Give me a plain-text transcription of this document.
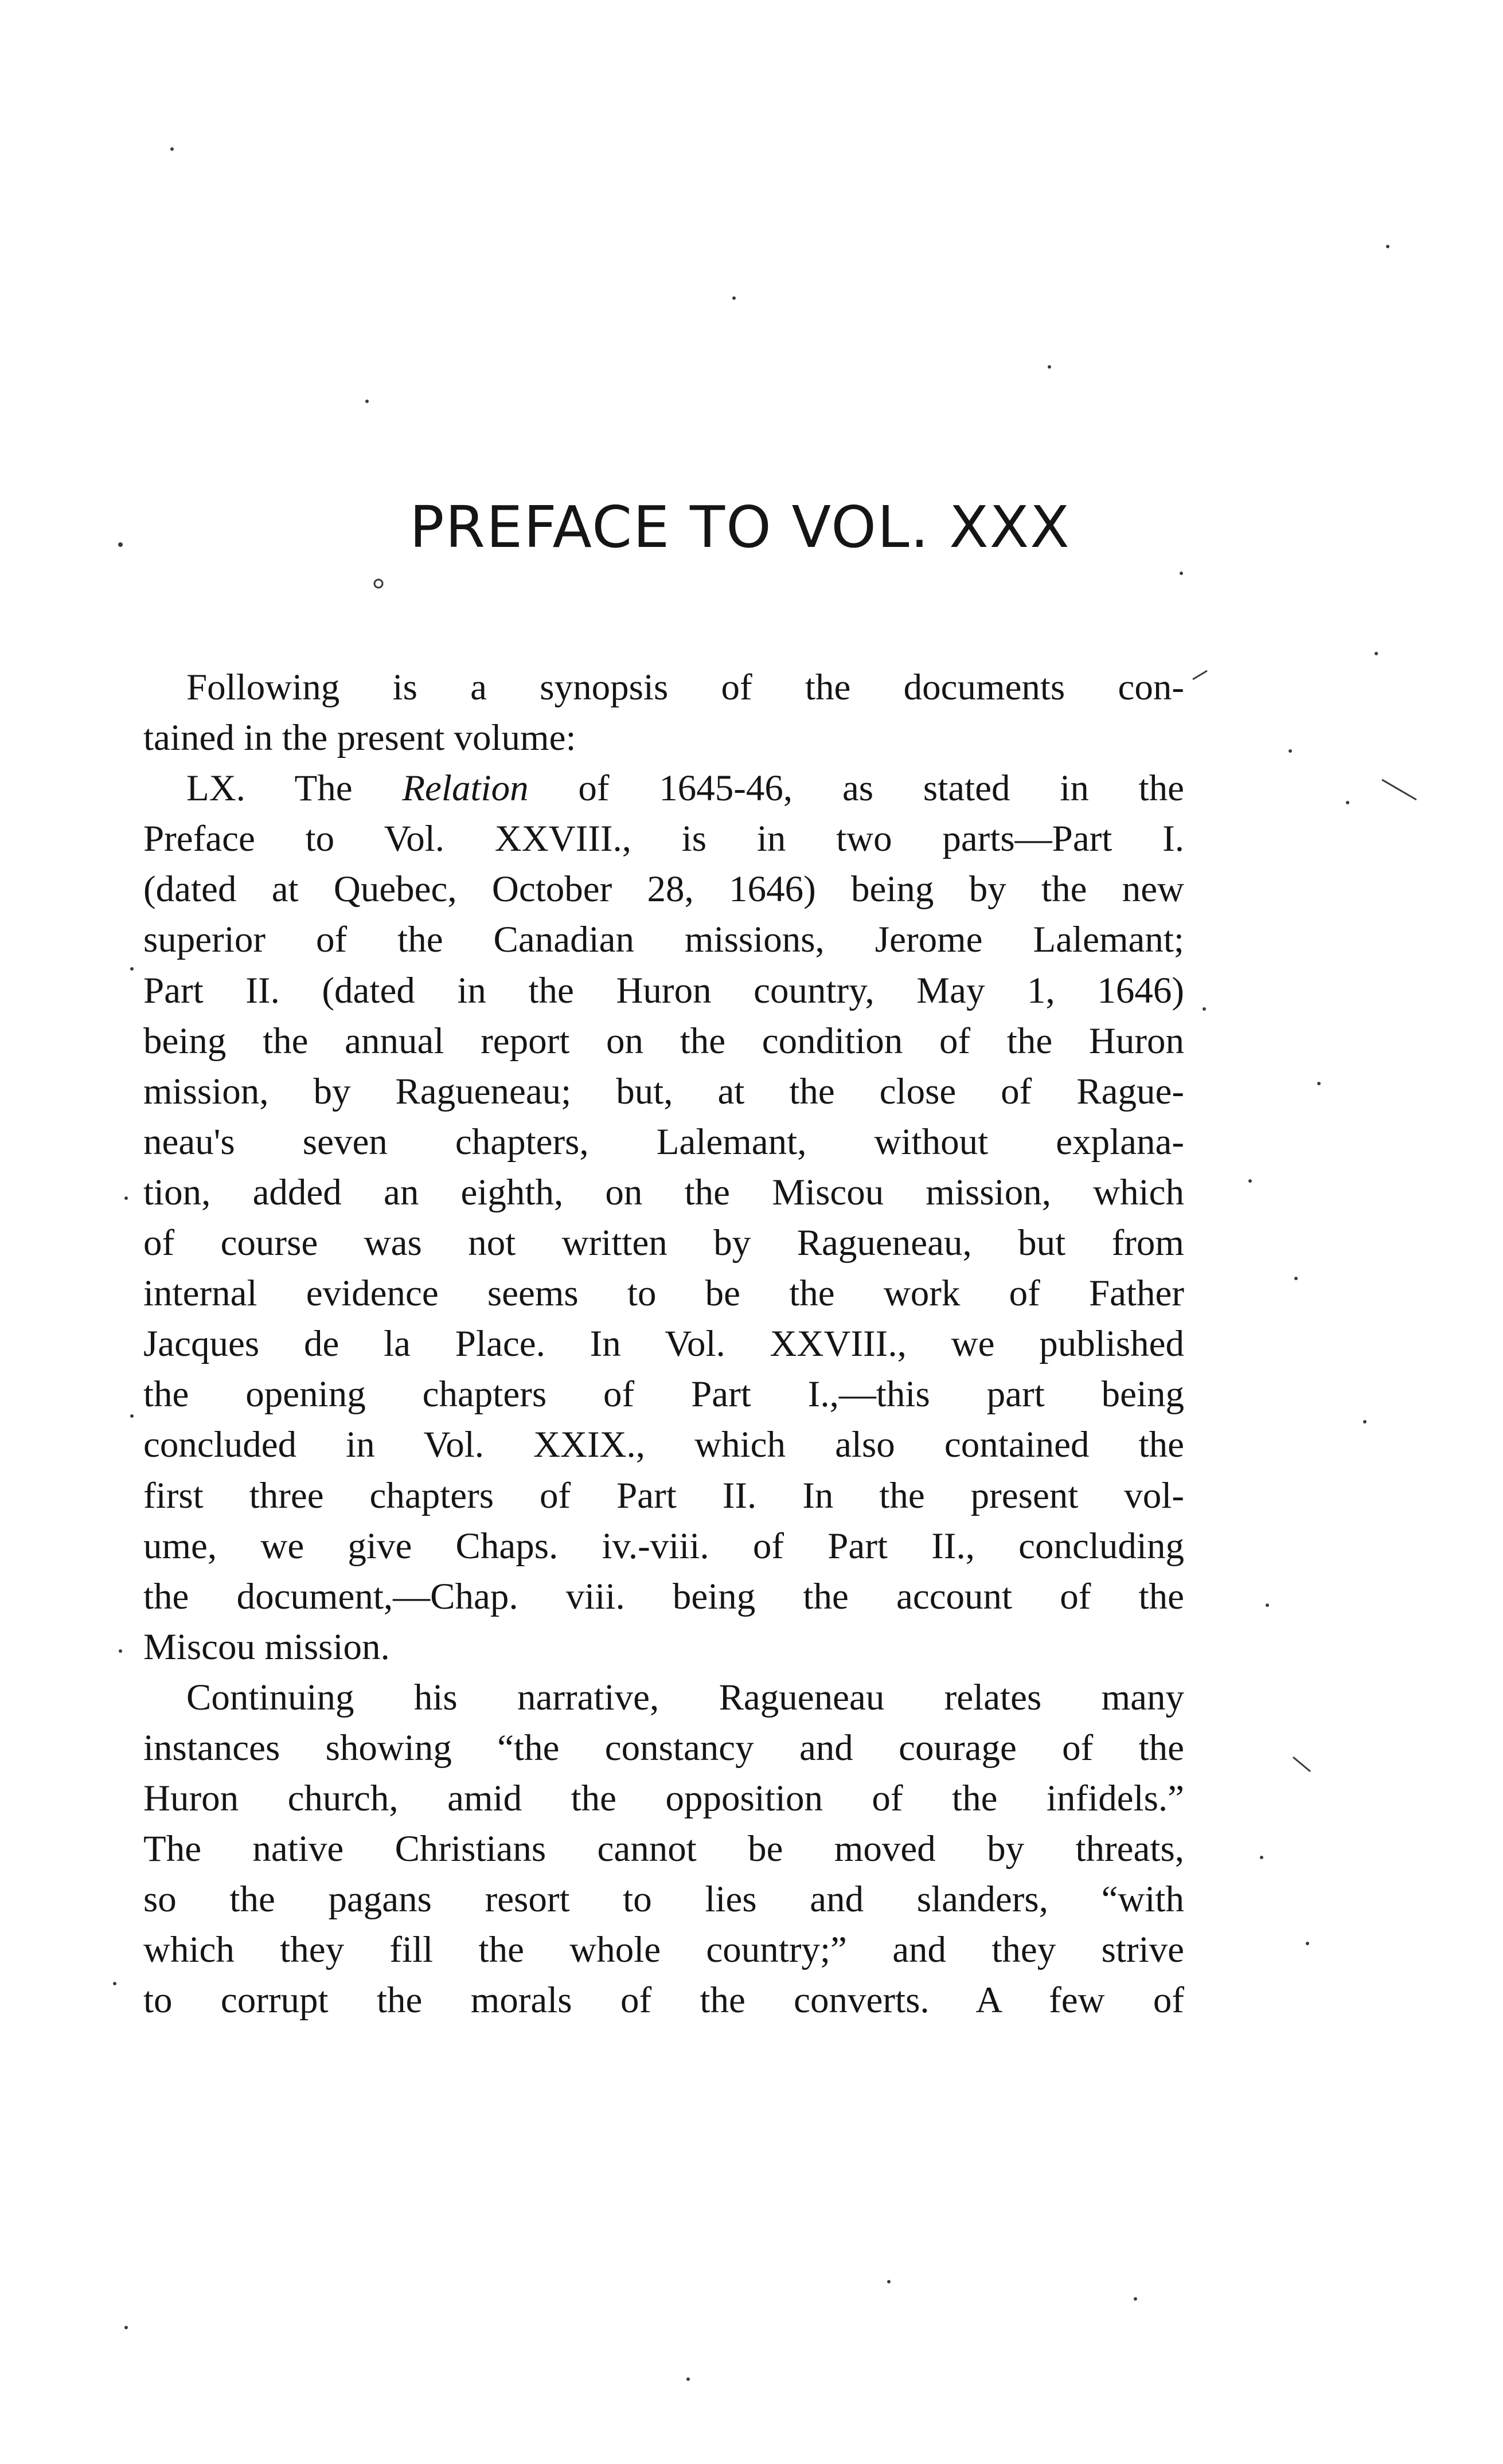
PREFACE TO VOL. XXX
Following is a synopsis of the documents con-
tained in the present volume:
LX. The Relation of 1645-46, as stated in the
Preface to Vol. XXVIII., is in two parts—Part I.
(dated at Quebec, October 28, 1646) being by the new
superior of the Canadian missions, Jerome Lalemant;
Part II. (dated in the Huron country, May 1, 1646)
being the annual report on the condition of the Huron
mission, by Ragueneau; but, at the close of Rague-
neau's seven chapters, Lalemant, without explana-
tion, added an eighth, on the Miscou mission, which
of course was not written by Ragueneau, but from
internal evidence seems to be the work of Father
Jacques de la Place. In Vol. XXVIII., we published
the opening chapters of Part I.,—this part being
concluded in Vol. XXIX., which also contained the
first three chapters of Part II. In the present vol-
ume, we give Chaps. iv.-viii. of Part II., concluding
the document,—Chap. viii. being the account of the
Miscou mission.
Continuing his narrative, Ragueneau relates many
instances showing “the constancy and courage of the
Huron church, amid the opposition of the infidels.”
The native Christians cannot be moved by threats,
so the pagans resort to lies and slanders, “with
which they fill the whole country;” and they strive
to corrupt the morals of the converts. A few of
